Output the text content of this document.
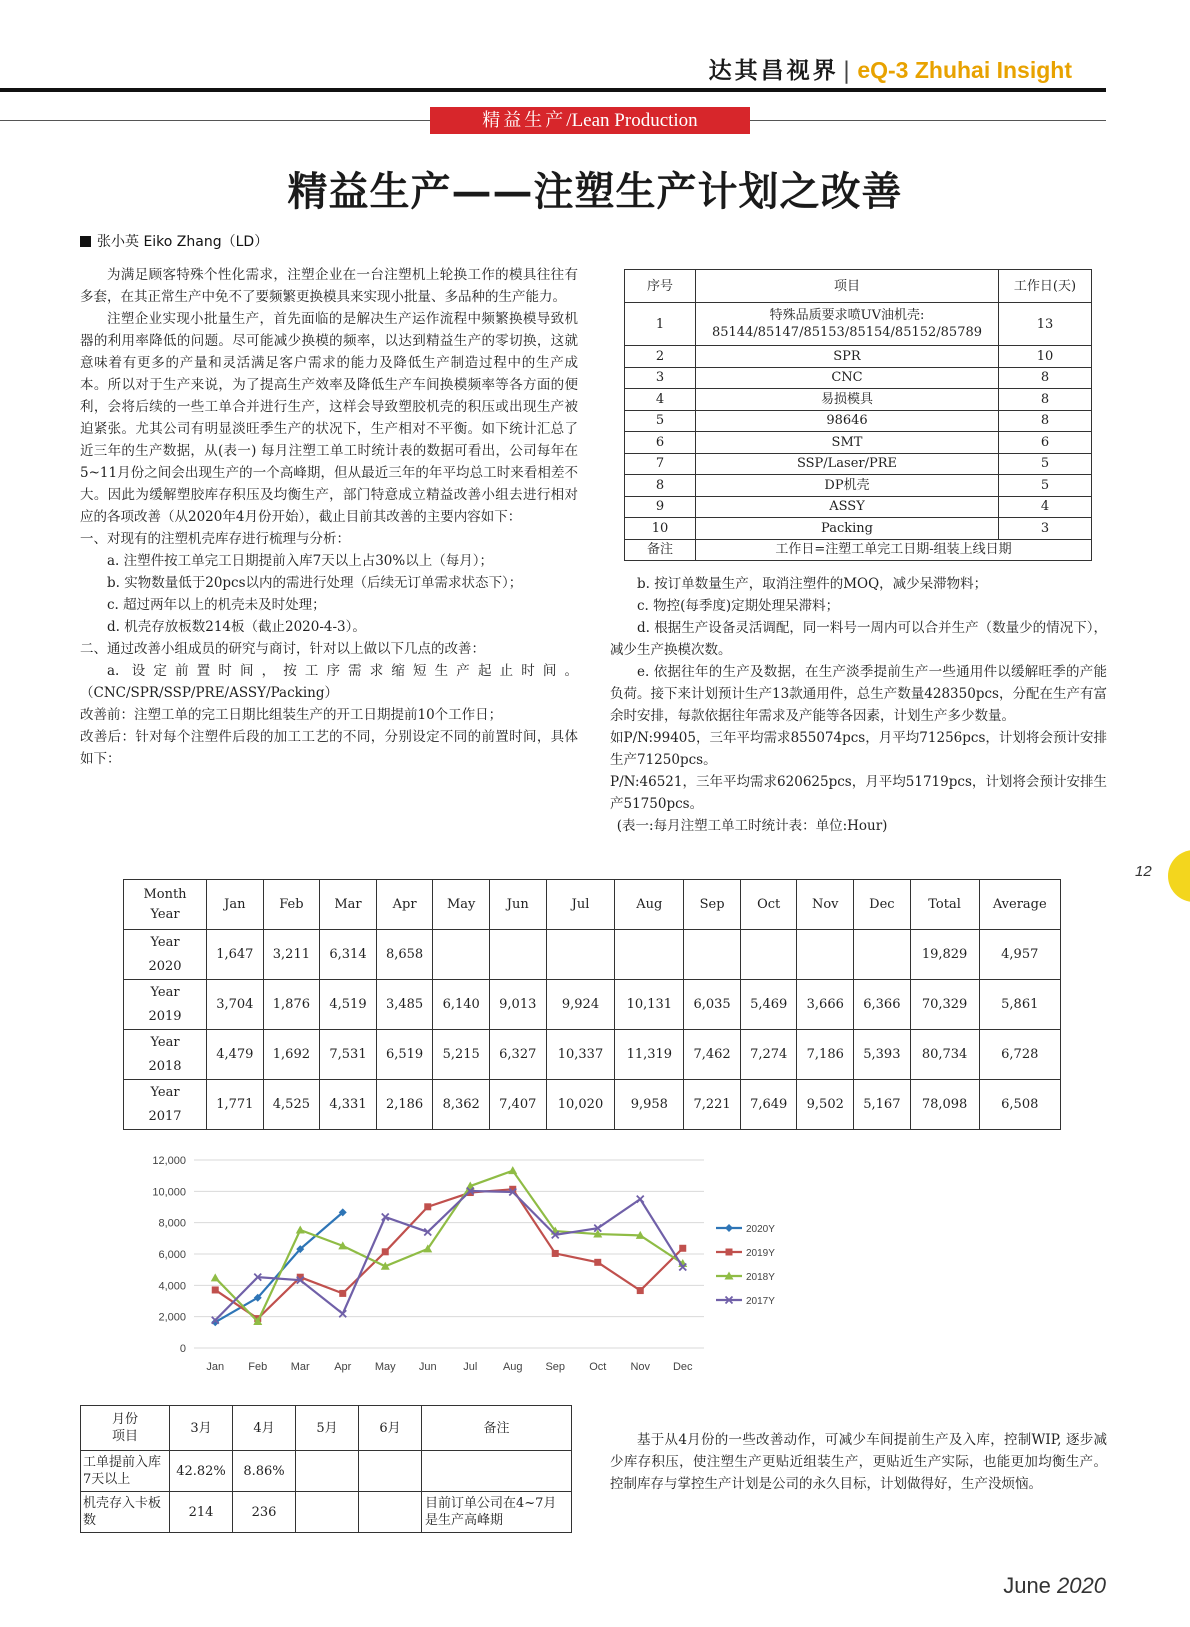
达其昌视界 | eQ-3 Zhuhai Insight
精益生产/Lean Production
精益生产——注塑生产计划之改善
张小英 Eiko Zhang（LD）

为满足顾客特殊个性化需求，注塑企业在一台注塑机上轮换工作的模具往往有多套，在其正常生产中免不了要频繁更换模具来实现小批量、多品种的生产能力。

注塑企业实现小批量生产，首先面临的是解决生产运作流程中频繁换模导致机器的利用率降低的问题。尽可能减少换模的频率，以达到精益生产的零切换，这就意味着有更多的产量和灵活满足客户需求的能力及降低生产制造过程中的生产成本。所以对于生产来说，为了提高生产效率及降低生产车间换模频率等各方面的便利，会将后续的一些工单合并进行生产，这样会导致塑胶机壳的积压或出现生产被迫紧张。尤其公司有明显淡旺季生产的状况下，生产相对不平衡。如下统计汇总了近三年的生产数据，从(表一) 每月注塑工单工时统计表的数据可看出，公司每年在5~11月份之间会出现生产的一个高峰期，但从最近三年的年平均总工时来看相差不大。因此为缓解塑胶库存积压及均衡生产，部门特意成立精益改善小组去进行相对应的各项改善（从2020年4月份开始），截止目前其改善的主要内容如下：

一、对现有的注塑机壳库存进行梳理与分析：

a. 注塑件按工单完工日期提前入库7天以上占30%以上（每月）；

b. 实物数量低于20pcs以内的需进行处理（后续无订单需求状态下）；

c. 超过两年以上的机壳未及时处理；

d. 机壳存放板数214板（截止2020-4-3）。

二、通过改善小组成员的研究与商讨，针对以上做以下几点的改善：

a. 设定前置时间，按工序需求缩短生产起止时间。（CNC/SPR/SSP/PRE/ASSY/Packing）

改善前：注塑工单的完工日期比组装生产的开工日期提前10个工作日；

改善后：针对每个注塑件后段的加工工艺的不同，分别设定不同的前置时间，具体如下：

序号	项目	工作日(天)
1	特殊品质要求喷UV油机壳:
85144/85147/85153/85154/85152/85789	13
2	SPR	10
3	CNC	8
4	易损模具	8
5	98646	8
6	SMT	6
7	SSP/Laser/PRE	5
8	DP机壳	5
9	ASSY	4
10	Packing	3
备注	工作日=注塑工单完工日期-组装上线日期	

b. 按订单数量生产，取消注塑件的MOQ，减少呆滞物料；

c. 物控(每季度)定期处理呆滞料；

d. 根据生产设备灵活调配，同一料号一周内可以合并生产（数量少的情况下），减少生产换模次数。

e. 依据往年的生产及数据，在生产淡季提前生产一些通用件以缓解旺季的产能负荷。接下来计划预计生产13款通用件，总生产数量428350pcs，分配在生产有富余时安排，每款依据往年需求及产能等各因素，计划生产多少数量。

如P/N:99405，三年平均需求855074pcs，月平均71256pcs，计划将会预计安排生产71250pcs。

P/N:46521，三年平均需求620625pcs，月平均51719pcs，计划将会预计安排生产51750pcs。

(表一:每月注塑工单工时统计表：单位:Hour)

Month
Year	Jan	Feb	Mar	Apr	May	Jun	Jul	Aug	Sep	Oct	Nov	Dec	Total	Average

Year
2020	1,647	3,211	6,314	8,658									19,829	4,957

Year
2019	3,704	1,876	4,519	3,485	6,140	9,013	9,924	10,131	6,035	5,469	3,666	6,366	70,329	5,861

Year
2018	4,479	1,692	7,531	6,519	5,215	6,327	10,337	11,319	7,462	7,274	7,186	5,393	80,734	6,728

Year
2017	1,771	4,525	4,331	2,186	8,362	7,407	10,020	9,958	7,221	7,649	9,502	5,167	78,098	6,508
0
2,000
4,000
6,000
8,000
10,000
12,000
Jan Feb Mar Apr May Jun Jul Aug Sep Oct Nov Dec
2020Y
2019Y
2018Y
2017Y
月份
项目	3月	4月	5月	6月	备注
工单提前入库7天以上	42.82%	8.86%			
机壳存入卡板数	214	236			目前订单公司在4~7月是生产高峰期

基于从4月份的一些改善动作，可减少车间提前生产及入库，控制WIP, 逐步减少库存积压，使注塑生产更贴近组装生产，更贴近生产实际，也能更加均衡生产。控制库存与掌控生产计划是公司的永久目标，计划做得好，生产没烦恼。

12
June 2020
